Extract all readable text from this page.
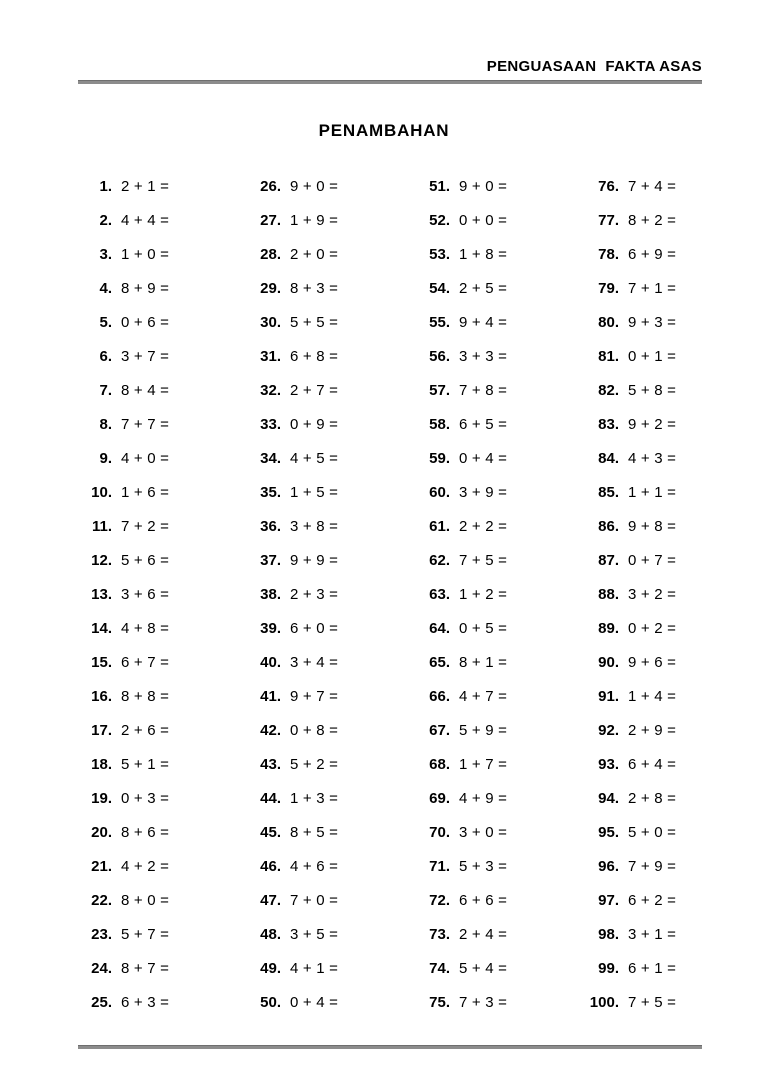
PENGUASAAN  FAKTA ASAS
PENAMBAHAN
1. 2 + 1 =
2. 4 + 4 =
3. 1 + 0 =
4. 8 + 9 =
5. 0 + 6 =
6. 3 + 7 =
7. 8 + 4 =
8. 7 + 7 =
9. 4 + 0 =
10. 1 + 6 =
11. 7 + 2 =
12. 5 + 6 =
13. 3 + 6 =
14. 4 + 8 =
15. 6 + 7 =
16. 8 + 8 =
17. 2 + 6 =
18. 5 + 1 =
19. 0 + 3 =
20. 8 + 6 =
21. 4 + 2 =
22. 8 + 0 =
23. 5 + 7 =
24. 8 + 7 =
25. 6 + 3 =
26. 9 + 0 =
27. 1 + 9 =
28. 2 + 0 =
29. 8 + 3 =
30. 5 + 5 =
31. 6 + 8 =
32. 2 + 7 =
33. 0 + 9 =
34. 4 + 5 =
35. 1 + 5 =
36. 3 + 8 =
37. 9 + 9 =
38. 2 + 3 =
39. 6 + 0 =
40. 3 + 4 =
41. 9 + 7 =
42. 0 + 8 =
43. 5 + 2 =
44. 1 + 3 =
45. 8 + 5 =
46. 4 + 6 =
47. 7 + 0 =
48. 3 + 5 =
49. 4 + 1 =
50. 0 + 4 =
51. 9 + 0 =
52. 0 + 0 =
53. 1 + 8 =
54. 2 + 5 =
55. 9 + 4 =
56. 3 + 3 =
57. 7 + 8 =
58. 6 + 5 =
59. 0 + 4 =
60. 3 + 9 =
61. 2 + 2 =
62. 7 + 5 =
63. 1 + 2 =
64. 0 + 5 =
65. 8 + 1 =
66. 4 + 7 =
67. 5 + 9 =
68. 1 + 7 =
69. 4 + 9 =
70. 3 + 0 =
71. 5 + 3 =
72. 6 + 6 =
73. 2 + 4 =
74. 5 + 4 =
75. 7 + 3 =
76. 7 + 4 =
77. 8 + 2 =
78. 6 + 9 =
79. 7 + 1 =
80. 9 + 3 =
81. 0 + 1 =
82. 5 + 8 =
83. 9 + 2 =
84. 4 + 3 =
85. 1 + 1 =
86. 9 + 8 =
87. 0 + 7 =
88. 3 + 2 =
89. 0 + 2 =
90. 9 + 6 =
91. 1 + 4 =
92. 2 + 9 =
93. 6 + 4 =
94. 2 + 8 =
95. 5 + 0 =
96. 7 + 9 =
97. 6 + 2 =
98. 3 + 1 =
99. 6 + 1 =
100. 7 + 5 =
